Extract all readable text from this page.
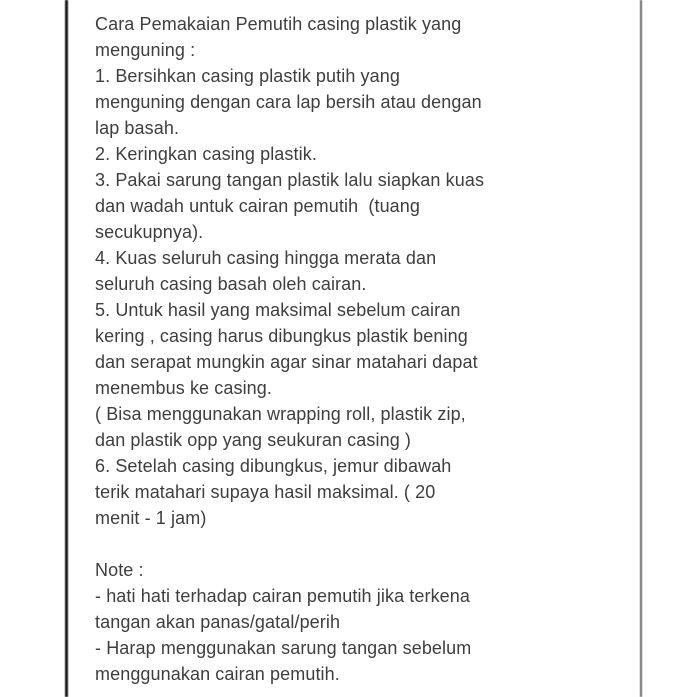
Cara Pemakaian Pemutih casing plastik yang
menguning :
1. Bersihkan casing plastik putih yang
menguning dengan cara lap bersih atau dengan
lap basah.
2. Keringkan casing plastik.
3. Pakai sarung tangan plastik lalu siapkan kuas
dan wadah untuk cairan pemutih  (tuang
secukupnya).
4. Kuas seluruh casing hingga merata dan
seluruh casing basah oleh cairan.
5. Untuk hasil yang maksimal sebelum cairan
kering , casing harus dibungkus plastik bening
dan serapat mungkin agar sinar matahari dapat
menembus ke casing.
( Bisa menggunakan wrapping roll, plastik zip,
dan plastik opp yang seukuran casing )
6. Setelah casing dibungkus, jemur dibawah
terik matahari supaya hasil maksimal. ( 20
menit - 1 jam)
Note :
- hati hati terhadap cairan pemutih jika terkena
tangan akan panas/gatal/perih
- Harap menggunakan sarung tangan sebelum
menggunakan cairan pemutih.
